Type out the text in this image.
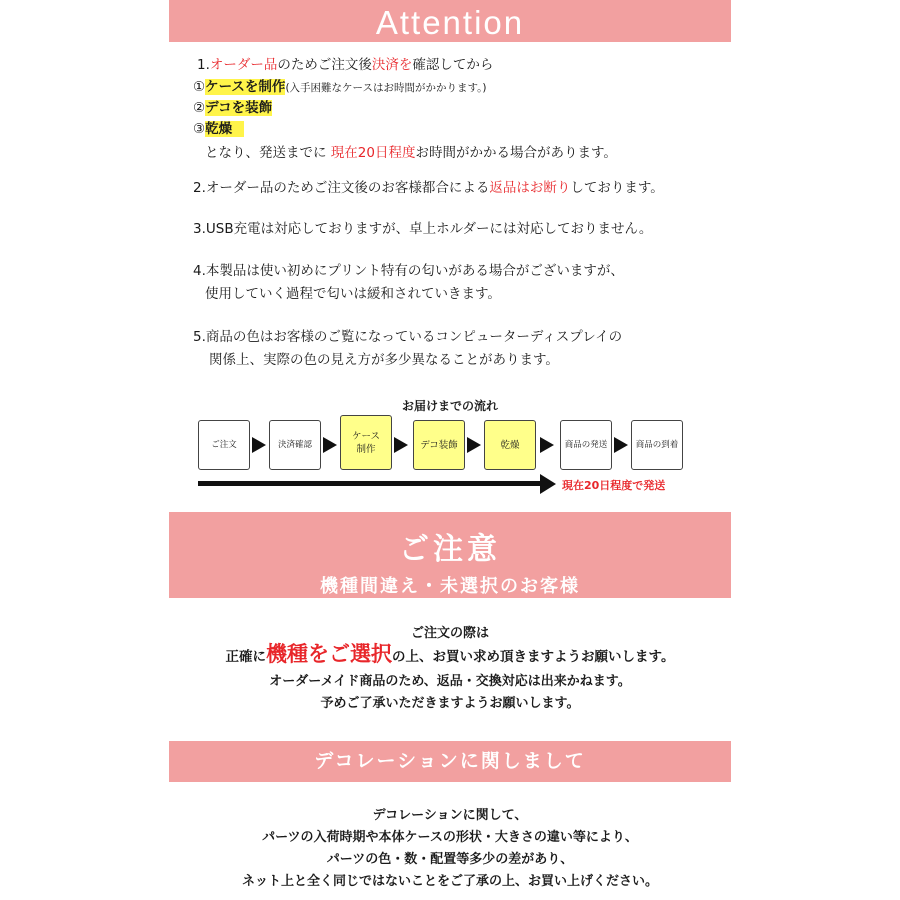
Attention
1.オーダー品のためご注文後決済を確認してから
①ケースを制作(入手困難なケースはお時間がかかります。)
②デコを装飾
③乾燥
となり、発送までに 現在20日程度お時間がかかる場合があります。
2.オーダー品のためご注文後のお客様都合による返品はお断りしております。
3.USB充電は対応しておりますが、卓上ホルダーには対応しておりません。
4.本製品は使い初めにプリント特有の匂いがある場合がございますが、
使用していく過程で匂いは緩和されていきます。
5.商品の色はお客様のご覧になっているコンピューターディスプレイの
関係上、実際の色の見え方が多少異なることがあります。
お届けまでの流れ
ご注文	決済確認
ケース
制作	デコ装飾	乾燥	商品の発送	商品の到着
現在20日程度で発送
ご注意
機種間違え・未選択のお客様
ご注文の際は
正確に機種をご選択の上、お買い求め頂きますようお願いします。
オーダーメイド商品のため、返品・交換対応は出来かねます。
予めご了承いただきますようお願いします。
デコレーションに関しまして
デコレーションに関して、
パーツの入荷時期や本体ケースの形状・大きさの違い等により、
パーツの色・数・配置等多少の差があり、
ネット上と全く同じではないことをご了承の上、お買い上げください。
